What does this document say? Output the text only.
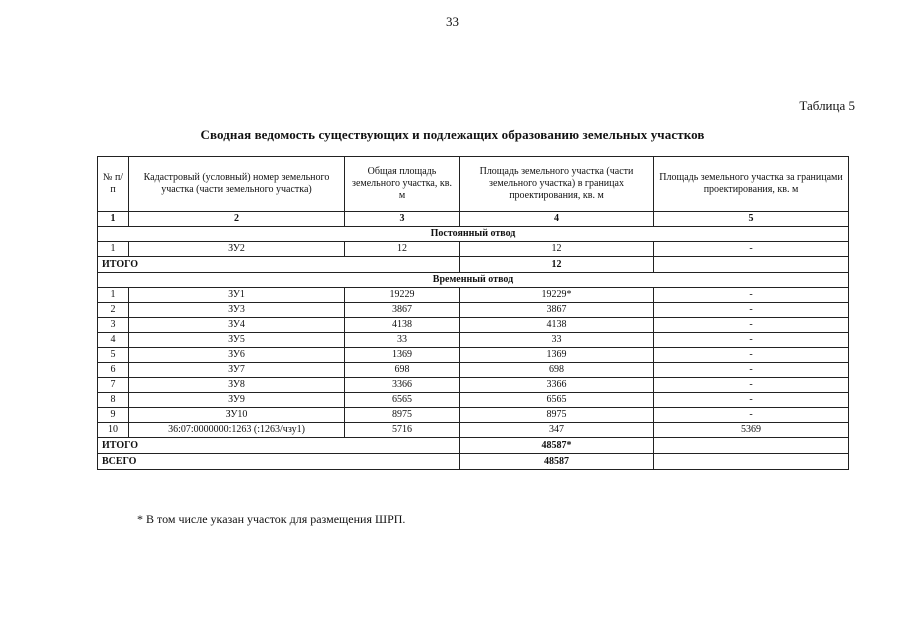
33
Таблица 5
Сводная ведомость существующих и подлежащих образованию земельных участков
№ п/п	Кадастровый (условный) номер земельного участка (части земельного участка)	Общая площадь земельного участка, кв. м	Площадь земельного участка (части земельного участка) в границах проектирования, кв. м	Площадь земельного участка за границами проектирования, кв. м
1	2	3	4	5
Постоянный отвод				
1	ЗУ2	12	12	-
ИТОГО			12	
Временный отвод				
1	ЗУ1	19229	19229*	-
2	ЗУ3	3867	3867	-
3	ЗУ4	4138	4138	-
4	ЗУ5	33	33	-
5	ЗУ6	1369	1369	-
6	ЗУ7	698	698	-
7	ЗУ8	3366	3366	-
8	ЗУ9	6565	6565	-
9	ЗУ10	8975	8975	-
10	36:07:0000000:1263 (:1263/чзу1)	5716	347	5369
ИТОГО			48587*	
ВСЕГО			48587	
* В том числе указан участок для размещения ШРП.
